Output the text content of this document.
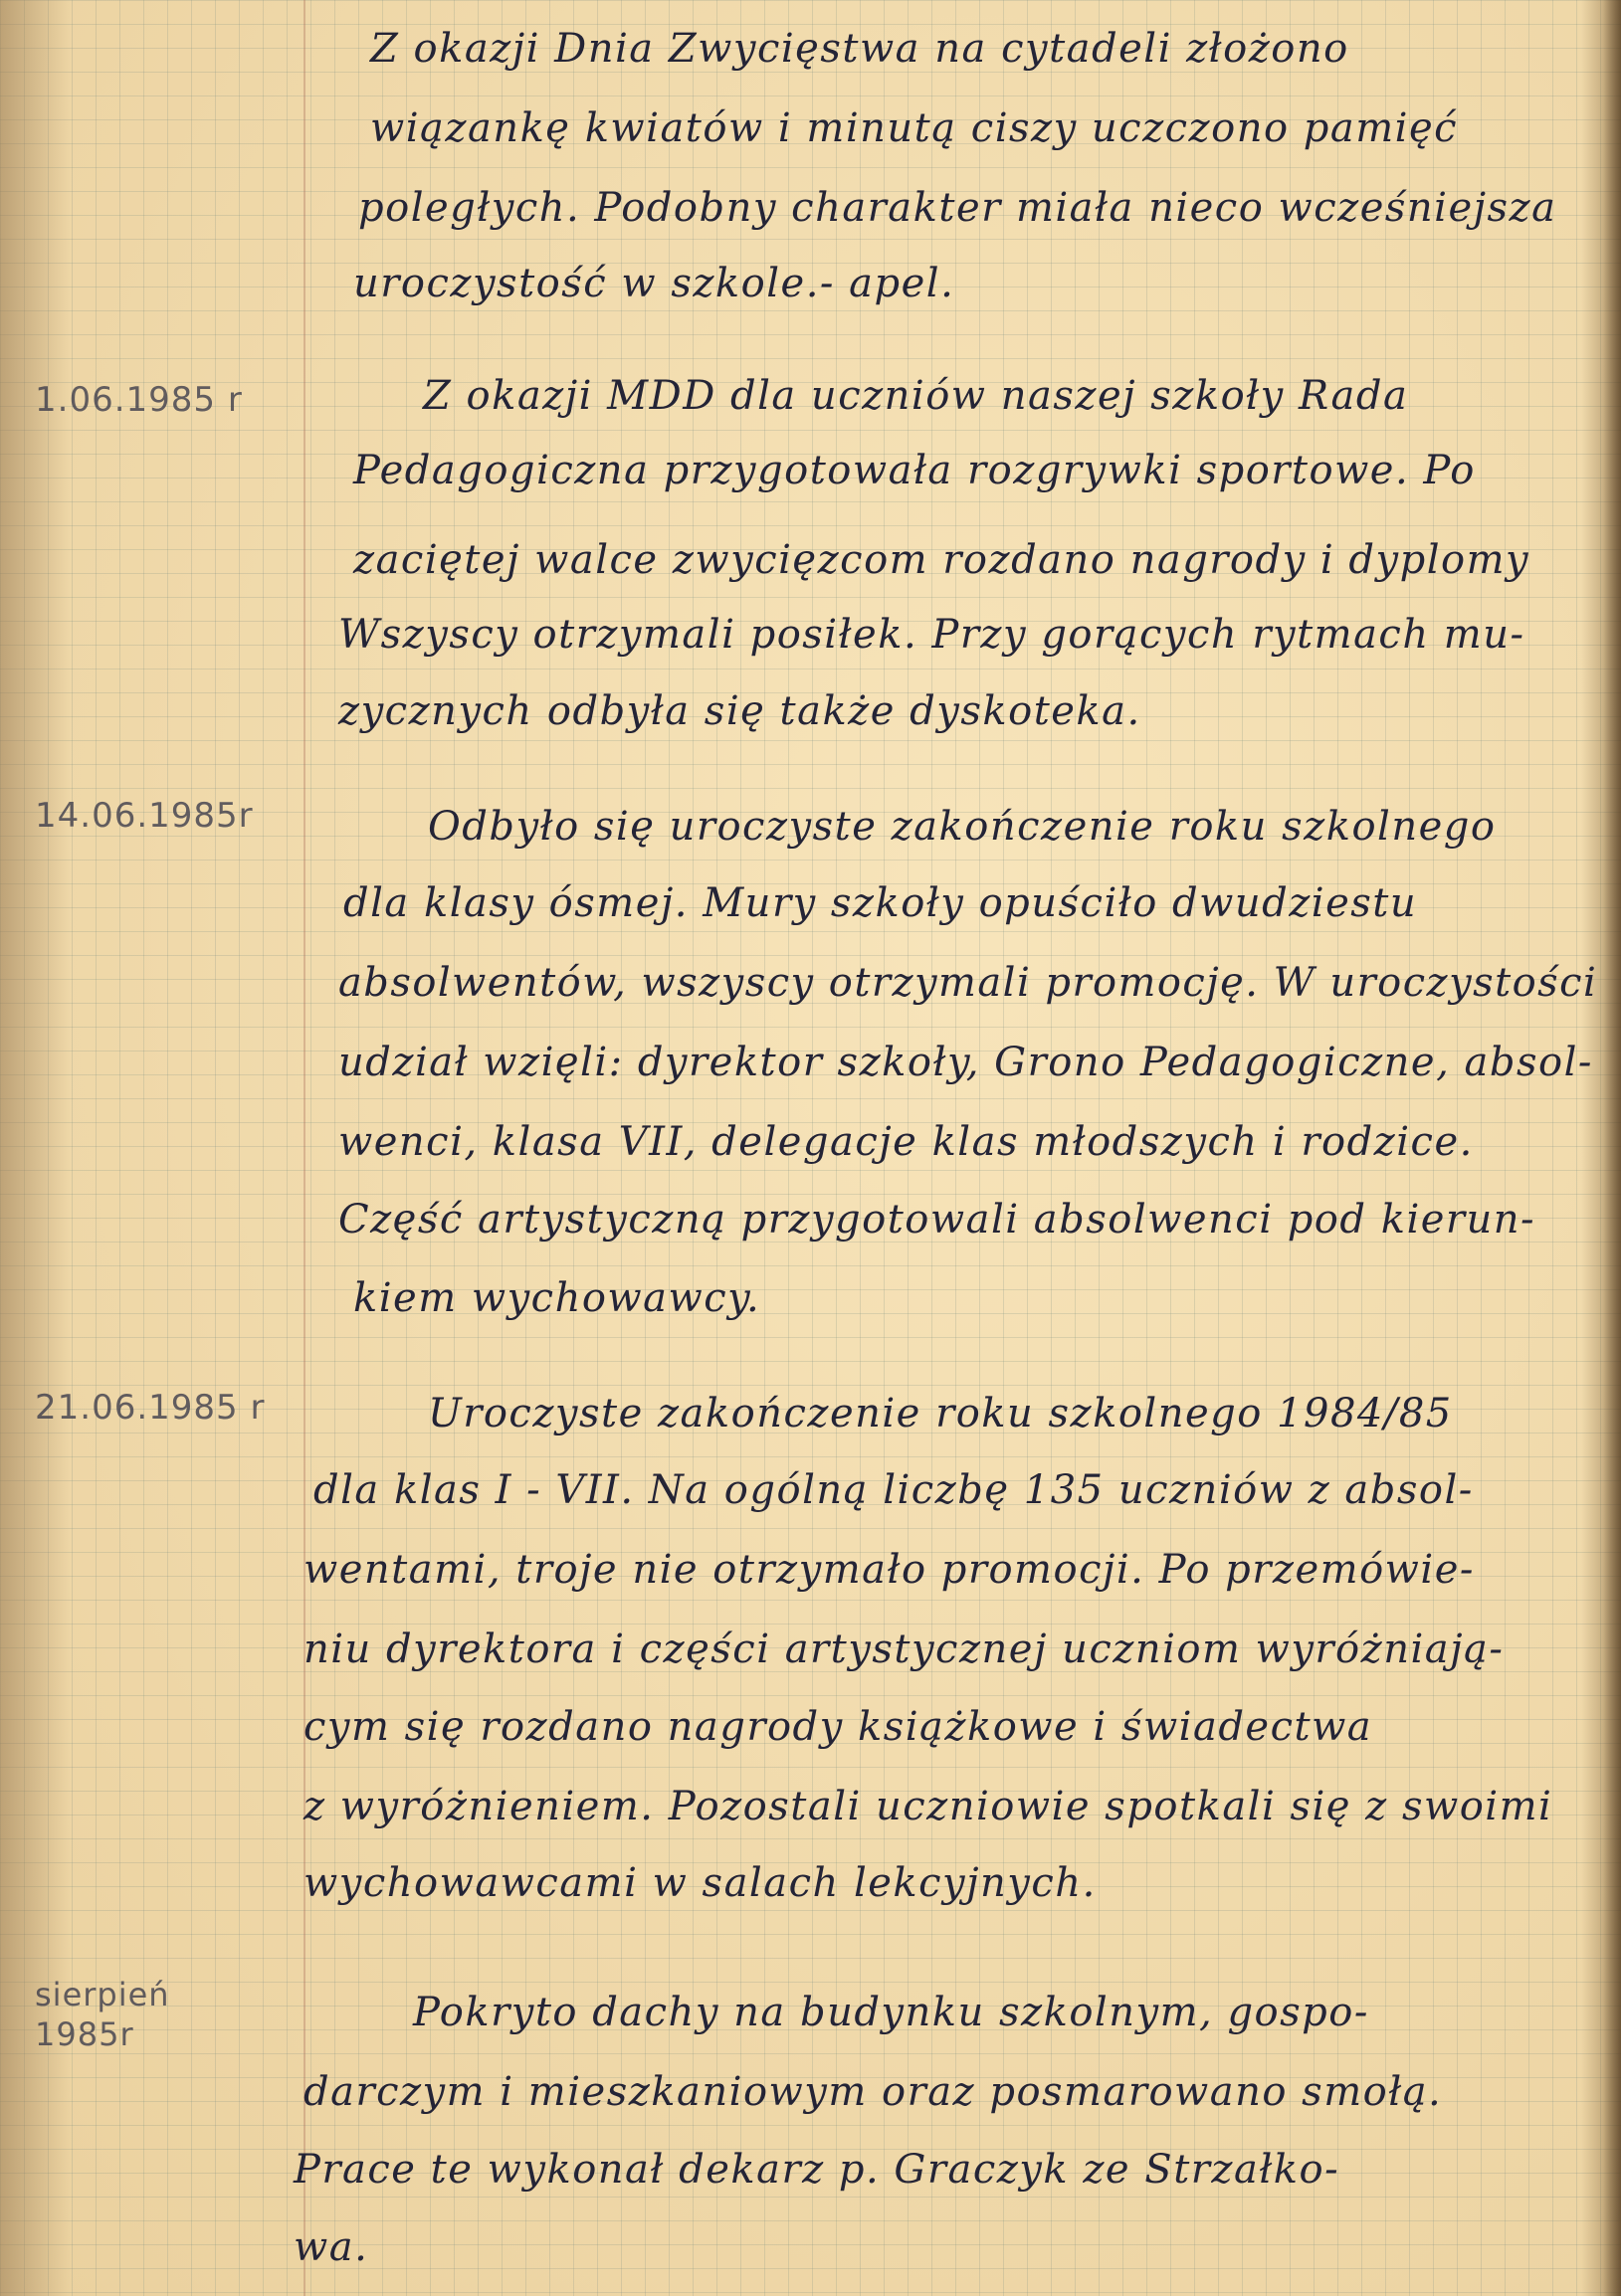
Z okazji Dnia Zwycięstwa na cytadeli złożono
wiązankę kwiatów i minutą ciszy uczczono pamięć
poległych. Podobny charakter miała nieco wcześniejsza
uroczystość w szkole.- apel.
1.06.1985 r	Z okazji MDD dla uczniów naszej szkoły Rada
Pedagogiczna przygotowała rozgrywki sportowe. Po
zaciętej walce zwycięzcom rozdano nagrody i dyplomy
Wszyscy otrzymali posiłek. Przy gorących rytmach mu-
zycznych odbyła się także dyskoteka.
14.06.1985r	Odbyło się uroczyste zakończenie roku szkolnego
dla klasy ósmej. Mury szkoły opuściło dwudziestu
absolwentów, wszyscy otrzymali promocję. W uroczystości
udział wzięli: dyrektor szkoły, Grono Pedagogiczne, absol-
wenci, klasa VII, delegacje klas młodszych i rodzice.
Część artystyczną przygotowali absolwenci pod kierun-
kiem wychowawcy.
21.06.1985 r	Uroczyste zakończenie roku szkolnego 1984/85
dla klas I - VII. Na ogólną liczbę 135 uczniów z absol-
wentami, troje nie otrzymało promocji. Po przemówie-
niu dyrektora i części artystycznej uczniom wyróżniają-
cym się rozdano nagrody książkowe i świadectwa
z wyróżnieniem. Pozostali uczniowie spotkali się z swoimi
wychowawcami w salach lekcyjnych.
sierpień
1985r	Pokryto dachy na budynku szkolnym, gospo-
darczym i mieszkaniowym oraz posmarowano smołą.
Prace te wykonał dekarz p. Graczyk ze Strzałko-
wa.
